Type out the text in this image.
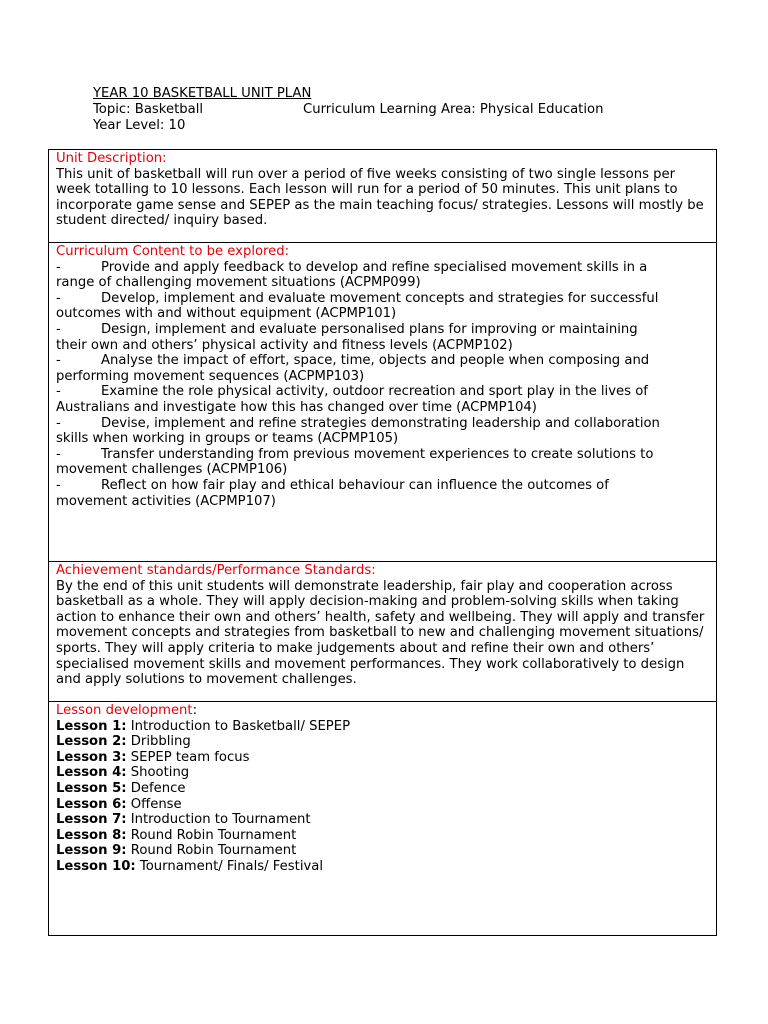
YEAR 10 BASKETBALL UNIT PLAN
Topic: Basketball	Curriculum Learning Area: Physical Education
Year Level: 10
Unit Description:
This unit of basketball will run over a period of five weeks consisting of two single lessons per week totalling to 10 lessons. Each lesson will run for a period of 50 minutes. This unit plans to incorporate game sense and SEPEP as the main teaching focus/ strategies. Lessons will mostly be student directed/ inquiry based.
Curriculum Content to be explored:
-	Provide and apply feedback to develop and refine specialised movement skills in a
range of challenging movement situations (ACPMP099)
-	Develop, implement and evaluate movement concepts and strategies for successful
outcomes with and without equipment (ACPMP101)
-	Design, implement and evaluate personalised plans for improving or maintaining
their own and others’ physical activity and fitness levels (ACPMP102)
-	Analyse the impact of effort, space, time, objects and people when composing and
performing movement sequences (ACPMP103)
-	Examine the role physical activity, outdoor recreation and sport play in the lives of
Australians and investigate how this has changed over time (ACPMP104)
-	Devise, implement and refine strategies demonstrating leadership and collaboration
skills when working in groups or teams (ACPMP105)
-	Transfer understanding from previous movement experiences to create solutions to
movement challenges (ACPMP106)
-	Reflect on how fair play and ethical behaviour can influence the outcomes of
movement activities (ACPMP107)
Achievement standards/Performance Standards:
By the end of this unit students will demonstrate leadership, fair play and cooperation across basketball as a whole. They will apply decision-making and problem-solving skills when taking action to enhance their own and others’ health, safety and wellbeing. They will apply and transfer movement concepts and strategies from basketball to new and challenging movement situations/ sports. They will apply criteria to make judgements about and refine their own and others’ specialised movement skills and movement performances. They work collaboratively to design and apply solutions to movement challenges.
Lesson development:
Lesson 1: Introduction to Basketball/ SEPEP
Lesson 2: Dribbling
Lesson 3: SEPEP team focus
Lesson 4: Shooting
Lesson 5: Defence
Lesson 6: Offense
Lesson 7: Introduction to Tournament
Lesson 8: Round Robin Tournament
Lesson 9: Round Robin Tournament
Lesson 10: Tournament/ Finals/ Festival
